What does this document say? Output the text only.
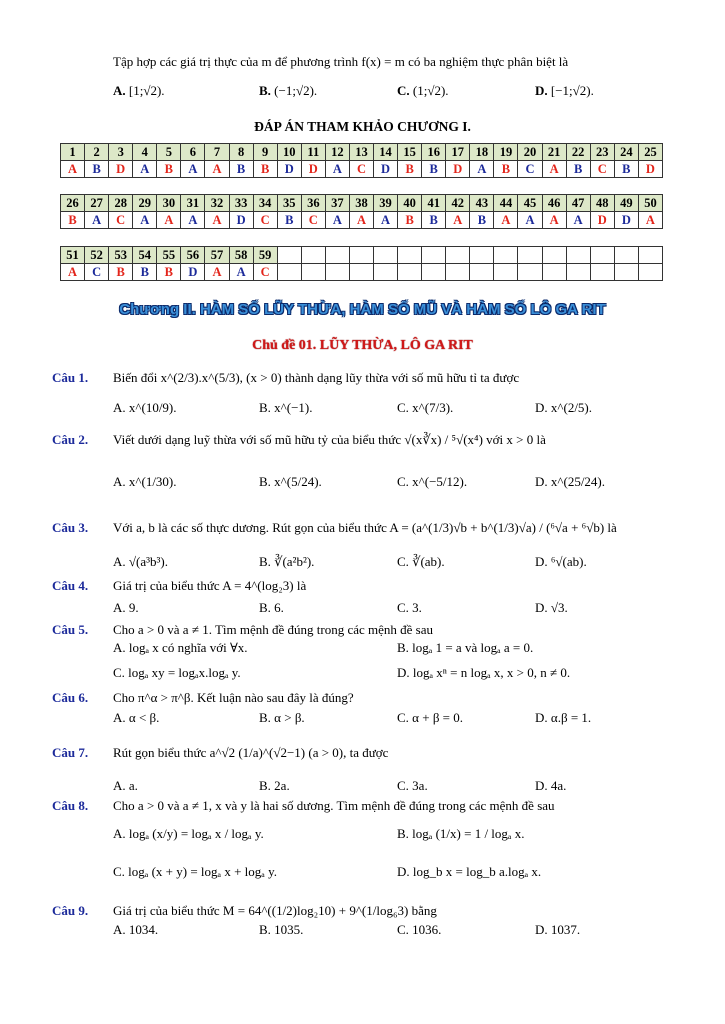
Tập hợp các giá trị thực của m để phương trình f(x) = m có ba nghiệm thực phân biệt là
A. [1;√2).	B. (−1;√2).	C. (1;√2).	D. [−1;√2).
ĐÁP ÁN THAM KHẢO CHƯƠNG I.
1	2	3	4	5	6	7	8	9	10	11	12	13	14	15	16	17	18	19	20	21	22	23	24	25
A	B	D	A	B	A	A	B	B	D	D	A	C	D	B	B	D	A	B	C	A	B	C	B	D
26	27	28	29	30	31	32	33	34	35	36	37	38	39	40	41	42	43	44	45	46	47	48	49	50
B	A	C	A	A	A	A	D	C	B	C	A	A	A	B	B	A	B	A	A	A	A	D	D	A
51	52	53	54	55	56	57	58	59																
A	C	B	B	B	D	A	A	C																
Chương II. HÀM SỐ LŨY THỪA, HÀM SỐ MŨ VÀ HÀM SỐ LÔ GA RIT
Chủ đề 01. LŨY THỪA, LÔ GA RIT
Câu 1. Biến đổi x^(2/3).x^(5/3), (x > 0) thành dạng lũy thừa với số mũ hữu tỉ ta được
A. x^(10/9).	B. x^(−1).	C. x^(7/3).	D. x^(2/5).
Câu 2. Viết dưới dạng luỹ thừa với số mũ hữu tỷ của biểu thức √(x∛x) / ⁵√(x⁴) với x > 0 là
A. x^(1/30).	B. x^(5/24).	C. x^(−5/12).	D. x^(25/24).
Câu 3. Với a, b là các số thực dương. Rút gọn của biểu thức A = (a^(1/3)√b + b^(1/3)√a) / (⁶√a + ⁶√b) là
A. √(a³b³).	B. ∛(a²b²).	C. ∛(ab).	D. ⁶√(ab).
Câu 4. Giá trị của biểu thức A = 4^(log₂3) là
A. 9.	B. 6.	C. 3.	D. √3.
Câu 5. Cho a > 0 và a ≠ 1. Tìm mệnh đề đúng trong các mệnh đề sau
A. logₐ x có nghĩa với ∀x.	B. logₐ 1 = a và logₐ a = 0.
C. logₐ xy = logₐx.logₐ y.	D. logₐ xⁿ = n logₐ x, x > 0, n ≠ 0.
Câu 6. Cho π^α > π^β. Kết luận nào sau đây là đúng?
A. α < β.	B. α > β.	C. α + β = 0.	D. α.β = 1.
Câu 7. Rút gọn biểu thức a^√2 (1/a)^(√2−1) (a > 0), ta được
A. a.	B. 2a.	C. 3a.	D. 4a.
Câu 8. Cho a > 0 và a ≠ 1, x và y là hai số dương. Tìm mệnh đề đúng trong các mệnh đề sau
A. logₐ (x/y) = logₐ x / logₐ y.	B. logₐ (1/x) = 1 / logₐ x.
C. logₐ (x + y) = logₐ x + logₐ y.	D. log_b x = log_b a.logₐ x.
Câu 9. Giá trị của biểu thức M = 64^((1/2)log₂10) + 9^(1/log₆3) bằng
A. 1034.	B. 1035.	C. 1036.	D. 1037.
